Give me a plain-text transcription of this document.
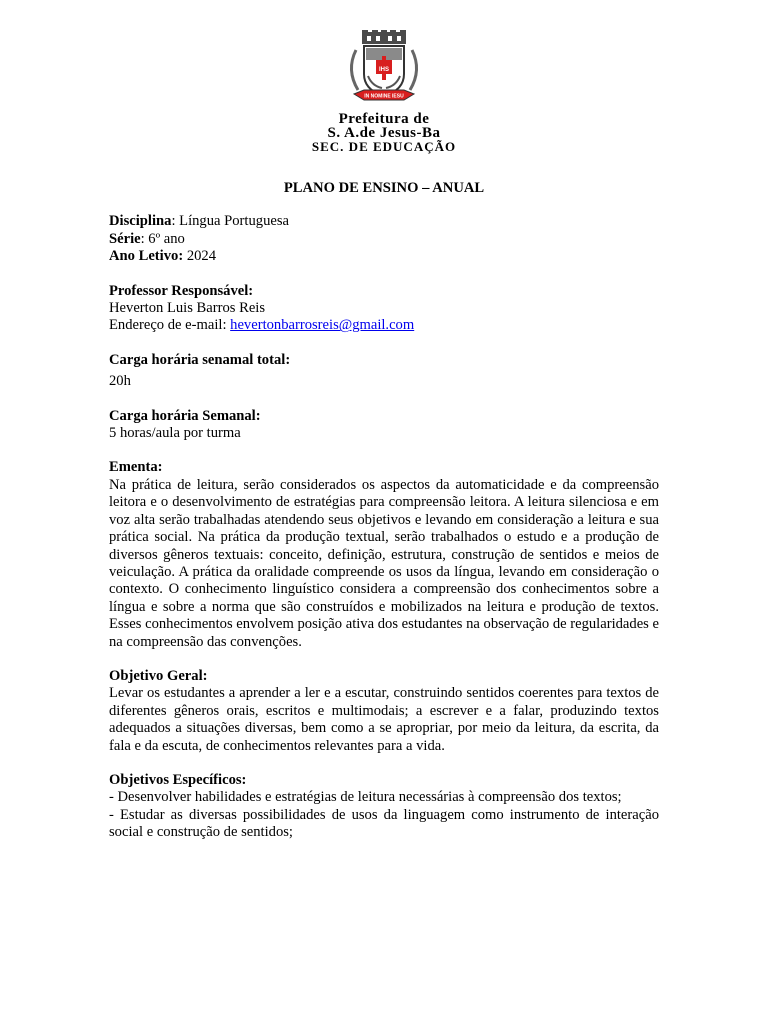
IHS
IN NOMINE IESU
Prefeitura de
S. A.de Jesus-Ba
SEC. DE EDUCAÇÃO

PLANO DE ENSINO – ANUAL

Disciplina: Língua Portuguesa

Série: 6º ano

Ano Letivo: 2024

Professor Responsável:

Heverton Luis Barros Reis

Endereço de e-mail: hevertonbarrosreis@gmail.com

Carga horária senamal total:

20h

Carga horária Semanal:

5 horas/aula por turma

Ementa:

Na prática de leitura, serão considerados os aspectos da automaticidade e da compreensão leitora e o desenvolvimento de estratégias para compreensão leitora. A leitura silenciosa e em voz alta serão trabalhadas atendendo seus objetivos e levando em consideração a leitura e sua prática social. Na prática da produção textual, serão trabalhados o estudo e a produção de diversos gêneros textuais: conceito, definição, estrutura, construção de sentidos e meios de veiculação. A prática da oralidade compreende os usos da língua, levando em consideração o contexto. O conhecimento linguístico considera a compreensão dos conhecimentos sobre a língua e sobre a norma que são construídos e mobilizados na leitura e produção de textos. Esses conhecimentos envolvem posição ativa dos estudantes na observação de regularidades e na compreensão das convenções.

Objetivo Geral:

Levar os estudantes a aprender a ler e a escutar, construindo sentidos coerentes para textos de diferentes gêneros orais, escritos e multimodais; a escrever e a falar, produzindo textos adequados a situações diversas, bem como a se apropriar, por meio da leitura, da escrita, da fala e da escuta, de conhecimentos relevantes para a vida.

Objetivos Específicos:

- Desenvolver habilidades e estratégias de leitura necessárias à compreensão dos textos;

- Estudar as diversas possibilidades de usos da linguagem como instrumento de interação social e construção de sentidos;
